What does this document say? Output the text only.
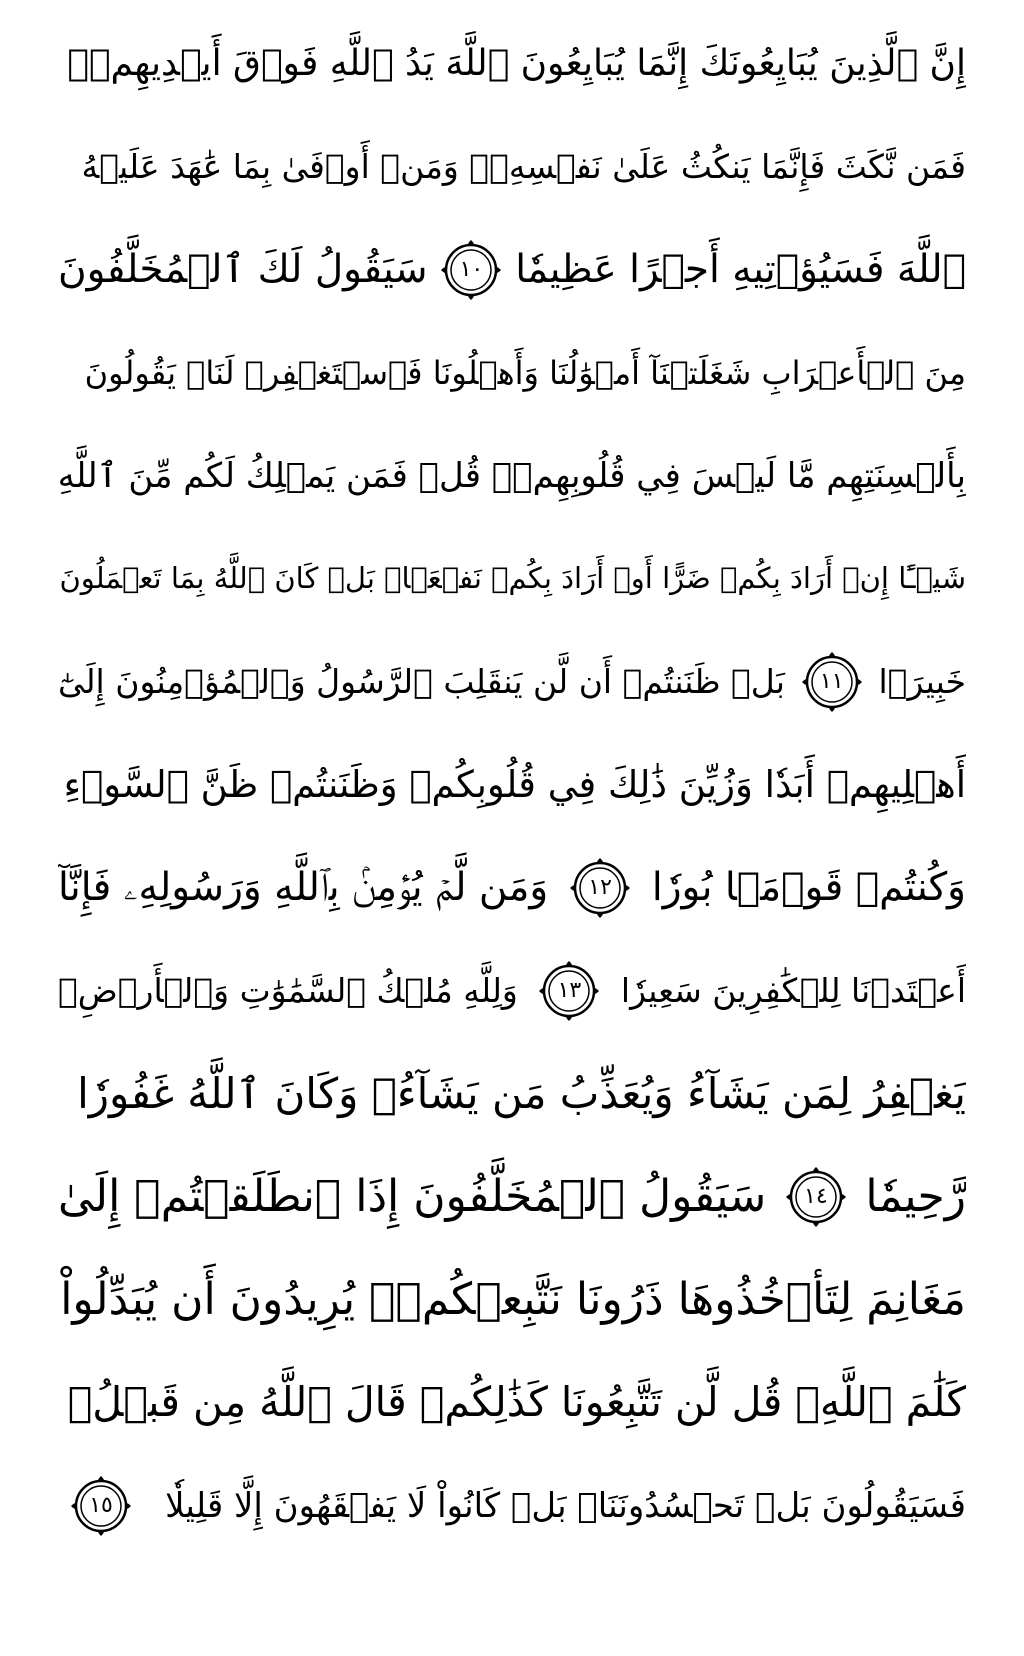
إِنَّ ٱلَّذِينَ يُبَايِعُونَكَ إِنَّمَا يُبَايِعُونَ ٱللَّهَ يَدُ ٱللَّهِ فَوۡقَ أَيۡدِيهِمۡۚ
فَمَن نَّكَثَ فَإِنَّمَا يَنكُثُ عَلَىٰ نَفۡسِهِۦۖ وَمَنۡ أَوۡفَىٰ بِمَا عَٰهَدَ عَلَيۡهُ
ٱللَّهَ فَسَيُؤۡتِيهِ أَجۡرًا عَظِيمٗا
١٠
سَيَقُولُ لَكَ ٱلۡمُخَلَّفُونَ
مِنَ ٱلۡأَعۡرَابِ شَغَلَتۡنَآ أَمۡوَٰلُنَا وَأَهۡلُونَا فَٱسۡتَغۡفِرۡ لَنَاۚ يَقُولُونَ
بِأَلۡسِنَتِهِم مَّا لَيۡسَ فِي قُلُوبِهِمۡۚ قُلۡ فَمَن يَمۡلِكُ لَكُم مِّنَ ٱللَّهِ
شَيۡـًٔا إِنۡ أَرَادَ بِكُمۡ ضَرًّا أَوۡ أَرَادَ بِكُمۡ نَفۡعَۢاۚ بَلۡ كَانَ ٱللَّهُ بِمَا تَعۡمَلُونَ
خَبِيرَۢا
١١
بَلۡ ظَنَنتُمۡ أَن لَّن يَنقَلِبَ ٱلرَّسُولُ وَٱلۡمُؤۡمِنُونَ إِلَىٰٓ
أَهۡلِيهِمۡ أَبَدٗا وَزُيِّنَ ذَٰلِكَ فِي قُلُوبِكُمۡ وَظَنَنتُمۡ ظَنَّ ٱلسَّوۡءِ
وَكُنتُمۡ قَوۡمَۢا بُورٗا
١٢
وَمَن لَّمۡ يُؤۡمِنۢ بِٱللَّهِ وَرَسُولِهِۦ فَإِنَّآ
أَعۡتَدۡنَا لِلۡكَٰفِرِينَ سَعِيرٗا
١٣
وَلِلَّهِ مُلۡكُ ٱلسَّمَٰوَٰتِ وَٱلۡأَرۡضِۚ
يَغۡفِرُ لِمَن يَشَآءُ وَيُعَذِّبُ مَن يَشَآءُۚ وَكَانَ ٱللَّهُ غَفُورٗا
رَّحِيمٗا
١٤
سَيَقُولُ ٱلۡمُخَلَّفُونَ إِذَا ٱنطَلَقۡتُمۡ إِلَىٰ
مَغَانِمَ لِتَأۡخُذُوهَا ذَرُونَا نَتَّبِعۡكُمۡۖ يُرِيدُونَ أَن يُبَدِّلُواْ
كَلَٰمَ ٱللَّهِۚ قُل لَّن تَتَّبِعُونَا كَذَٰلِكُمۡ قَالَ ٱللَّهُ مِن قَبۡلُۖ
فَسَيَقُولُونَ بَلۡ تَحۡسُدُونَنَاۚ بَلۡ كَانُواْ لَا يَفۡقَهُونَ إِلَّا قَلِيلٗا
١٥
